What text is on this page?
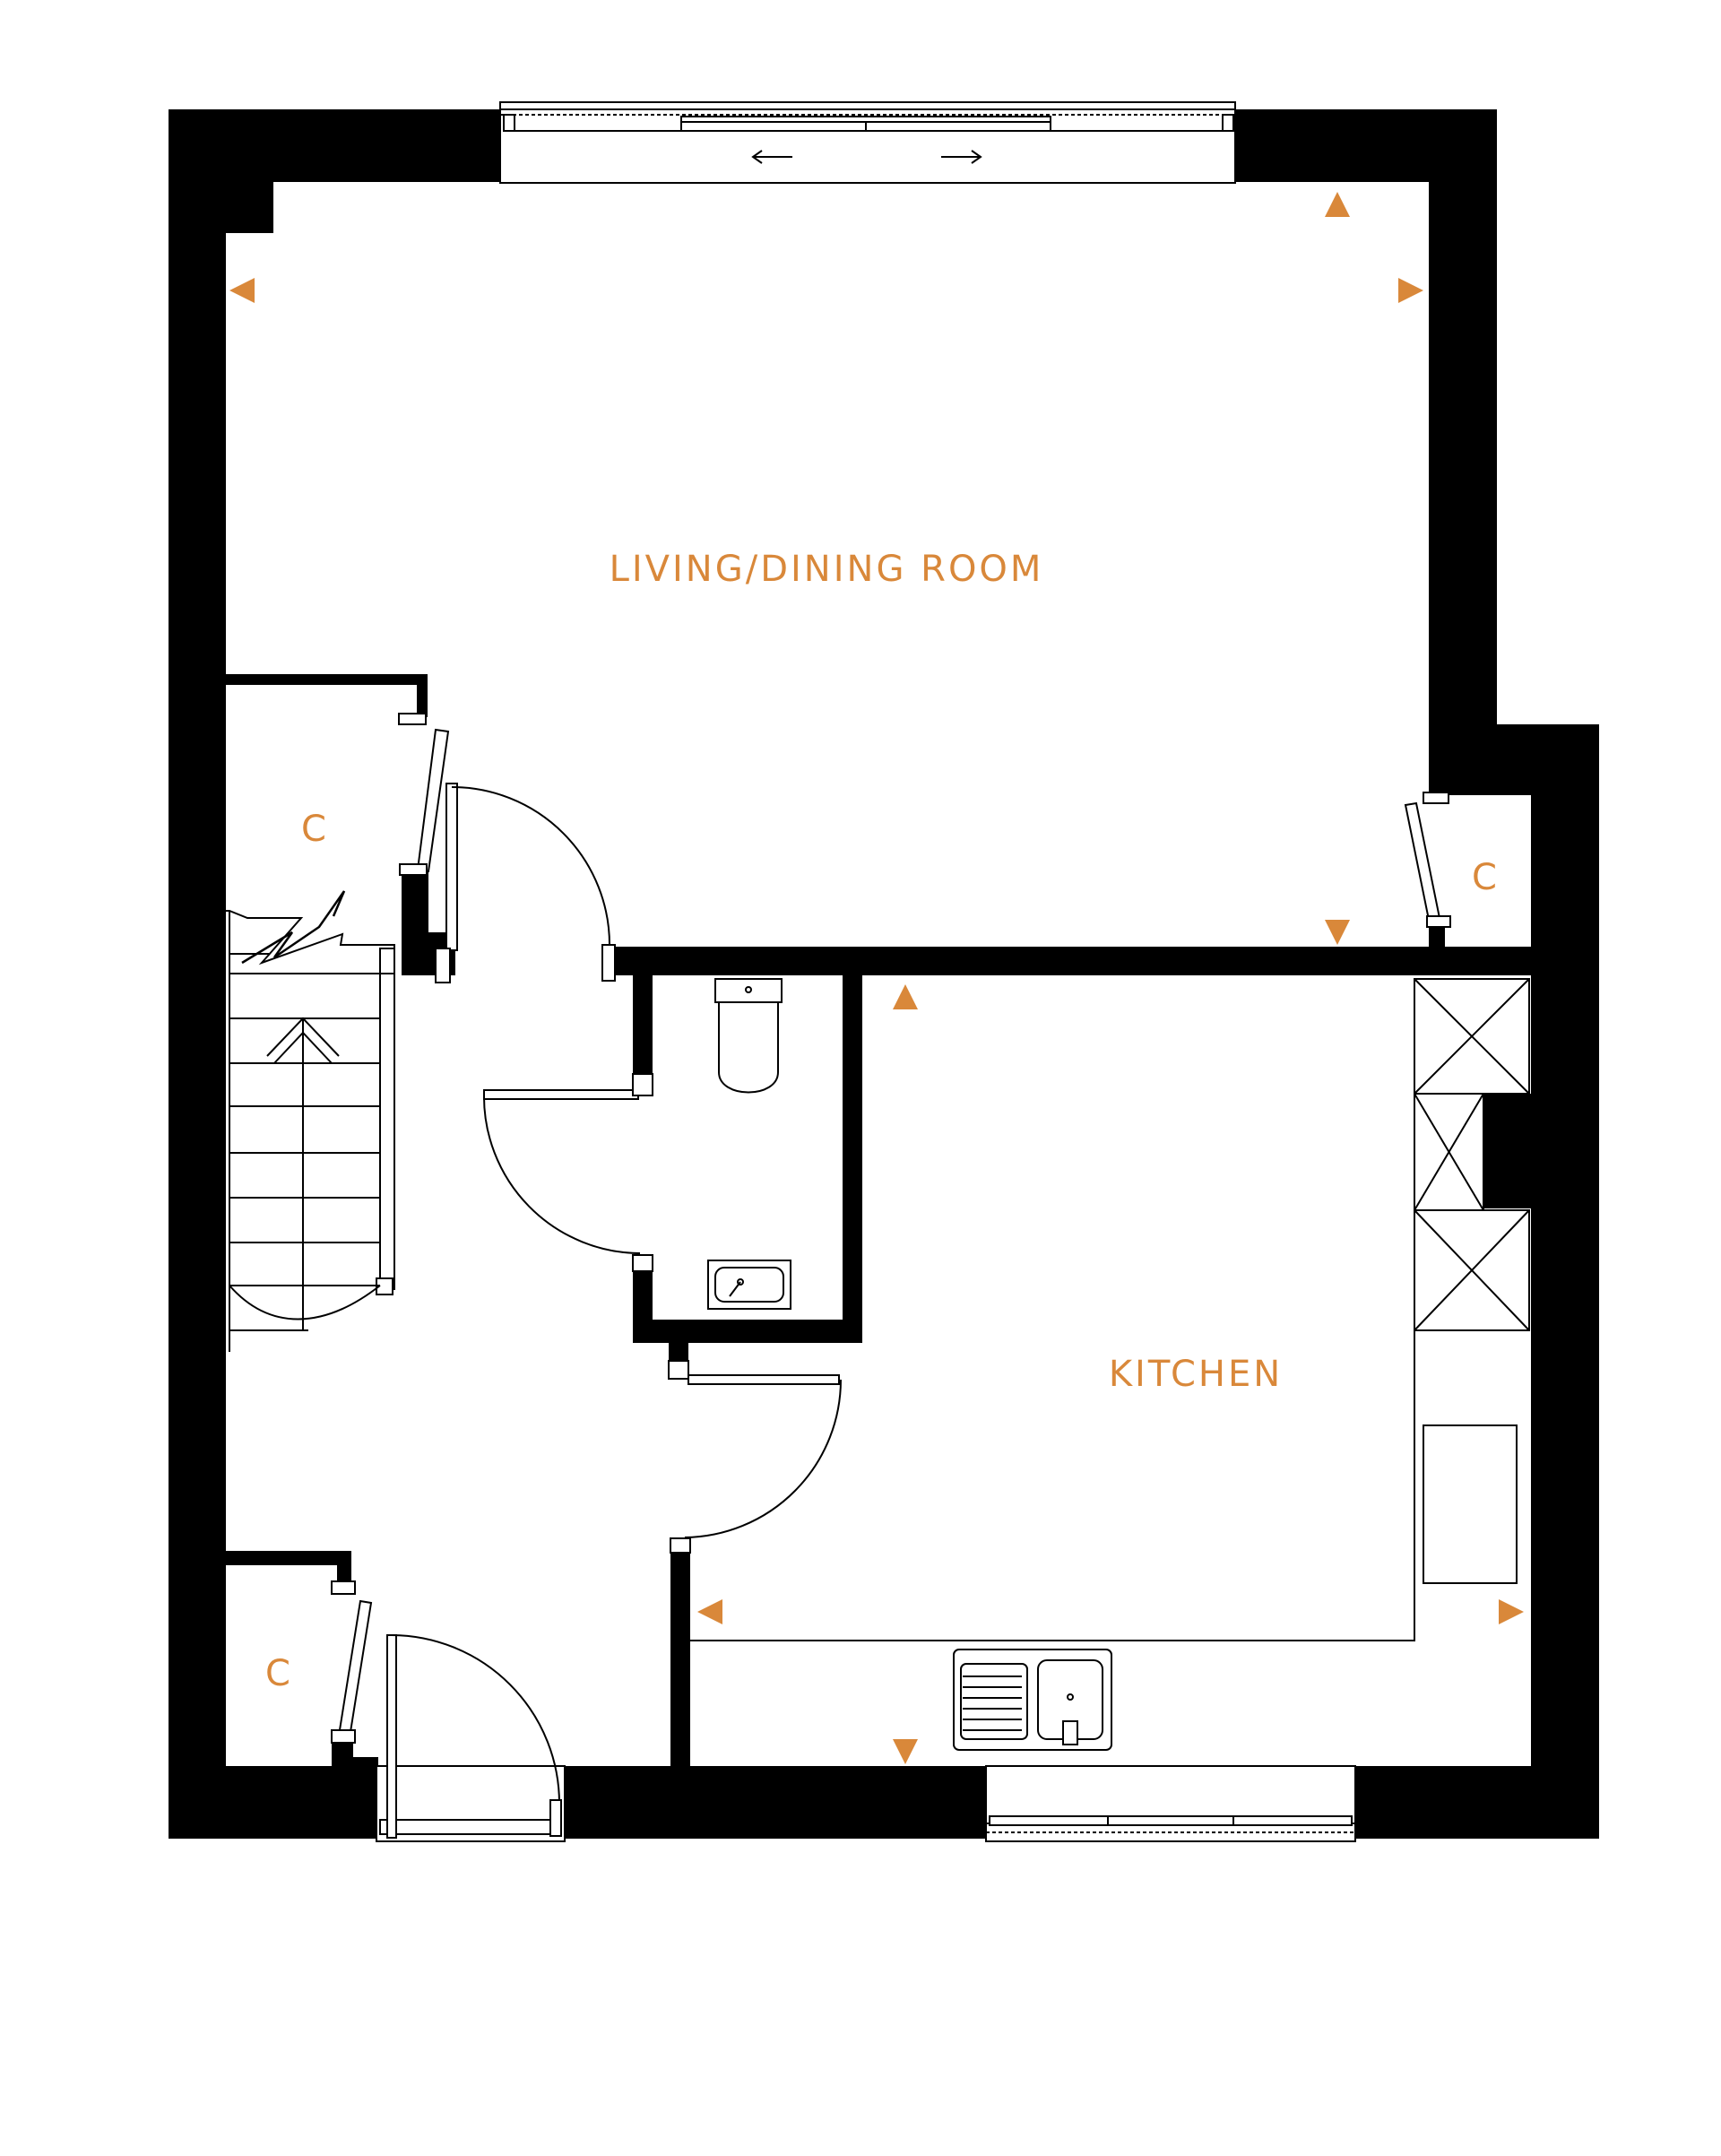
LIVING/DINING ROOM
KITCHEN
C
C
C
